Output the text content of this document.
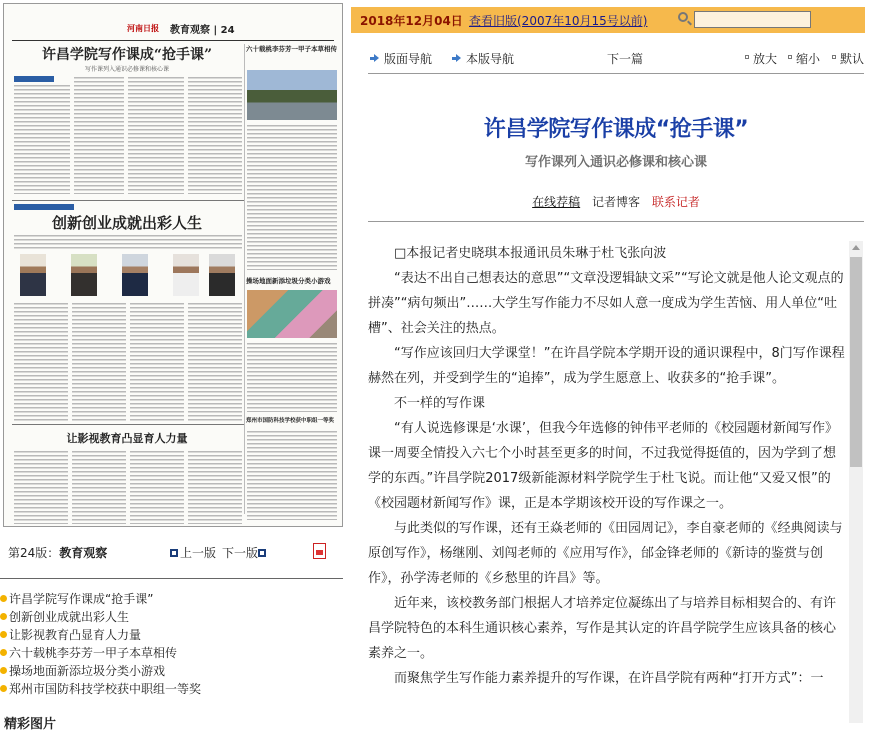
河南日报 教育观察 | 24
许昌学院写作课成“抢手课”
写作课列入通识必修课和核心课
六十载桃李芬芳一甲子本草相传
操场地面新添垃圾分类小游戏
郑州市国防科技学校获中职组一等奖
创新创业成就出彩人生
让影视教育凸显育人力量
第24版：教育观察	上一版 下一版
许昌学院写作课成“抢手课”
创新创业成就出彩人生
让影视教育凸显育人力量
六十载桃李芬芳一甲子本草相传
操场地面新添垃圾分类小游戏
郑州市国防科技学校获中职组一等奖
精彩图片
2018年12月04日 查看旧版(2007年10月15号以前)
版面导航	本版导航	下一篇	放大	缩小	默认
许昌学院写作课成“抢手课”
写作课列入通识必修课和核心课
在线荐稿 记者博客 联系记者

□本报记者史晓琪本报通讯员朱琳于杜飞张向波

“表达不出自己想表达的意思”“文章没逻辑缺文采”“写论文就是他人论文观点的拼凑”“病句频出”……大学生写作能力不尽如人意一度成为学生苦恼、用人单位“吐槽”、社会关注的热点。

“写作应该回归大学课堂！”在许昌学院本学期开设的通识课程中，8门写作课程赫然在列，并受到学生的“追捧”，成为学生愿意上、收获多的“抢手课”。

不一样的写作课

“有人说选修课是‘水课’，但我今年选修的钟伟平老师的《校园题材新闻写作》课一周要全情投入六七个小时甚至更多的时间，不过我觉得挺值的，因为学到了想学的东西。”许昌学院2017级新能源材料学院学生于杜飞说。而让他“又爱又恨”的《校园题材新闻写作》课，正是本学期该校开设的写作课之一。

与此类似的写作课，还有王焱老师的《田园周记》，李自豪老师的《经典阅读与原创写作》，杨继刚、刘闯老师的《应用写作》，邰金锋老师的《新诗的鉴赏与创作》，孙学涛老师的《乡愁里的许昌》等。

近年来，该校教务部门根据人才培养定位凝练出了与培养目标相契合的、有许昌学院特色的本科生通识核心素养，写作是其认定的许昌学院学生应该具备的核心素养之一。

而聚焦学生写作能力素养提升的写作课，在许昌学院有两种“打开方式”：一
